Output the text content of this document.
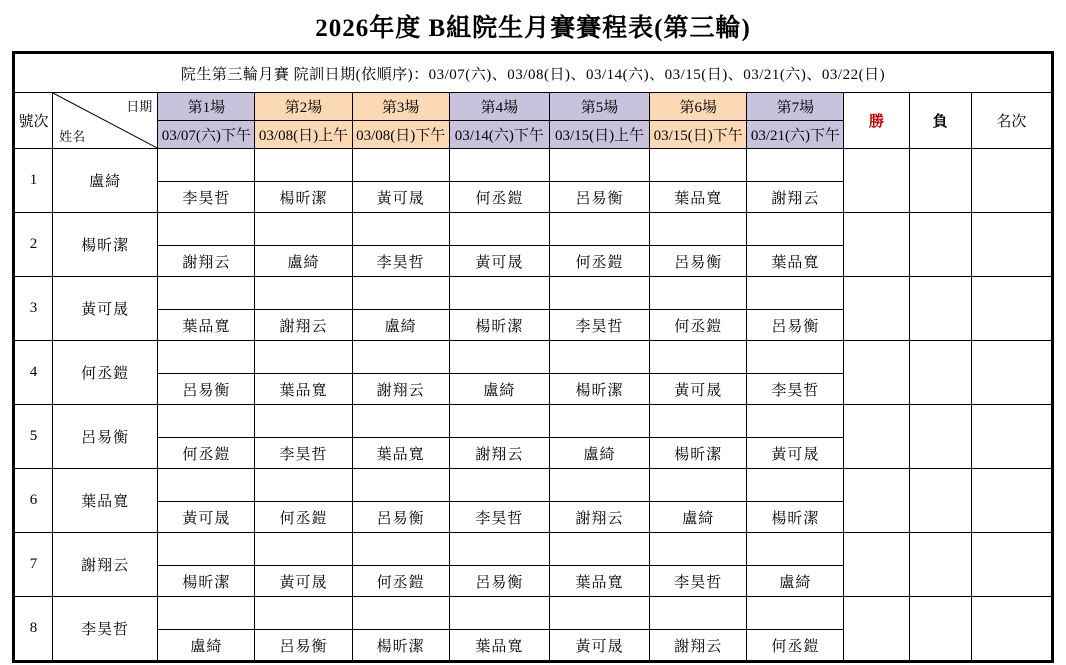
2026年度 B組院生月賽賽程表(第三輪)
院生第三輪月賽 院訓日期(依順序)：03/07(六)、03/08(日)、03/14(六)、03/15(日)、03/21(六)、03/22(日)											
號次	日期
姓名	第1場	第2場	第3場	第4場	第5場	第6場	第7場	勝	負	名次
		03/07(六)下午	03/08(日)上午	03/08(日)下午	03/14(六)下午	03/15(日)上午	03/15(日)下午	03/21(六)下午			
1	盧綺										
		李昊哲	楊昕潔	黃可晟	何丞鎧	呂易衡	葉品寬	謝翔云			
2	楊昕潔										
		謝翔云	盧綺	李昊哲	黃可晟	何丞鎧	呂易衡	葉品寬			
3	黃可晟										
		葉品寬	謝翔云	盧綺	楊昕潔	李昊哲	何丞鎧	呂易衡			
4	何丞鎧										
		呂易衡	葉品寬	謝翔云	盧綺	楊昕潔	黃可晟	李昊哲			
5	呂易衡										
		何丞鎧	李昊哲	葉品寬	謝翔云	盧綺	楊昕潔	黃可晟			
6	葉品寬										
		黃可晟	何丞鎧	呂易衡	李昊哲	謝翔云	盧綺	楊昕潔			
7	謝翔云										
		楊昕潔	黃可晟	何丞鎧	呂易衡	葉品寬	李昊哲	盧綺			
8	李昊哲										
		盧綺	呂易衡	楊昕潔	葉品寬	黃可晟	謝翔云	何丞鎧			
